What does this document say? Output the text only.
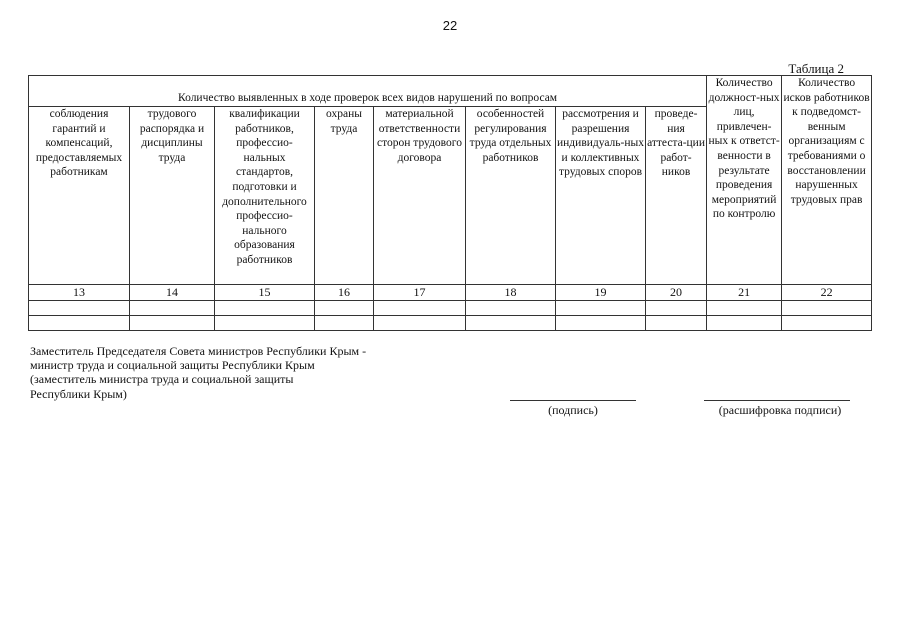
22
Таблица 2
Количество выявленных в ходе проверок всех видов нарушений по вопросам								Количество должност-ных лиц, привлечен-ных к ответст-венности в результате проведения мероприятий по контролю	Количество исков работников к подведомст-венным организациям с требованиями о восстановлении нарушенных трудовых прав
соблюдения гарантий и компенсаций, предоставляемых работникам	трудового распорядка и дисциплины труда	квалификации работников, профессио-нальных стандартов, подготовки и дополнительного профессио-нального образования работников	охраны труда	материальной ответственности сторон трудового договора	особенностей регулирования труда отдельных работников	рассмотрения и разрешения индивидуаль-ных и коллективных трудовых споров	проведе-ния аттеста-ции работ-ников		
13	14	15	16	17	18	19	20	21	22

Заместитель Председателя Совета министров Республики Крым -
министр труда и социальной защиты Республики Крым
(заместитель министра труда и социальной защиты
Республики Крым)
(подпись)	(расшифровка подписи)
